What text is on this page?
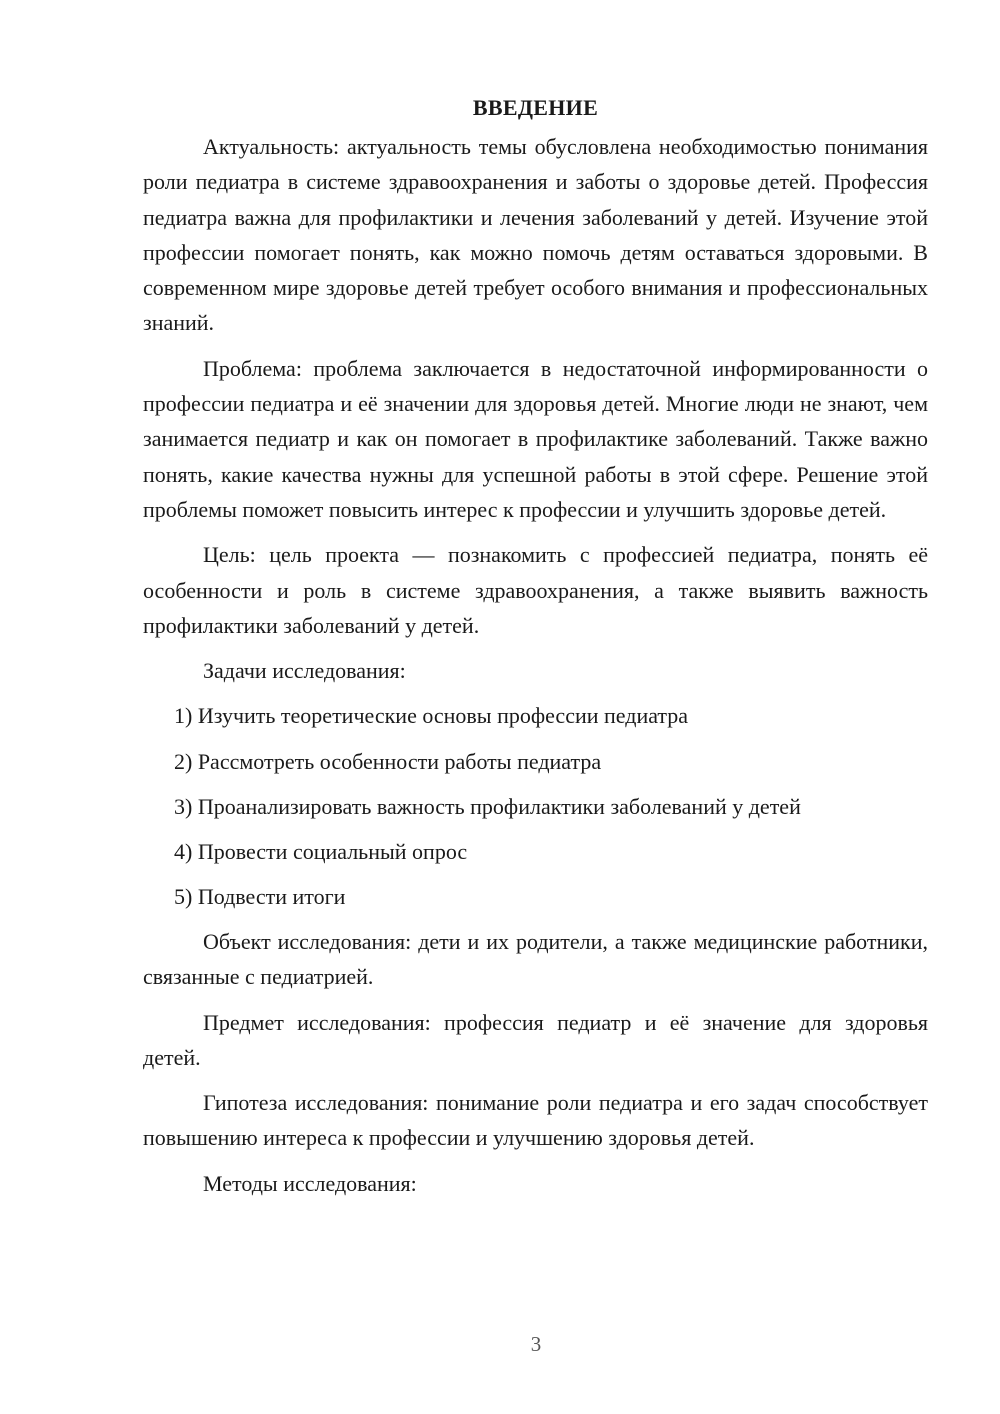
ВВЕДЕНИЕ

Актуальность: актуальность темы обусловлена необходимостью понимания роли педиатра в системе здравоохранения и заботы о здоровье детей. Профессия педиатра важна для профилактики и лечения заболеваний у детей. Изучение этой профессии помогает понять, как можно помочь детям оставаться здоровыми. В современном мире здоровье детей требует особого внимания и профессиональных знаний.

Проблема: проблема заключается в недостаточной информированности о профессии педиатра и её значении для здоровья детей. Многие люди не знают, чем занимается педиатр и как он помогает в профилактике заболеваний. Также важно понять, какие качества нужны для успешной работы в этой сфере. Решение этой проблемы поможет повысить интерес к профессии и улучшить здоровье детей.

Цель: цель проекта — познакомить с профессией педиатра, понять её особенности и роль в системе здравоохранения, а также выявить важность профилактики заболеваний у детей.

Задачи исследования:

1) Изучить теоретические основы профессии педиатра

2) Рассмотреть особенности работы педиатра

3) Проанализировать важность профилактики заболеваний у детей

4) Провести социальный опрос

5) Подвести итоги

Объект исследования: дети и их родители, а также медицинские работники, связанные с педиатрией.

Предмет исследования: профессия педиатр и её значение для здоровья детей.

Гипотеза исследования: понимание роли педиатра и его задач способствует повышению интереса к профессии и улучшению здоровья детей.

Методы исследования:

3
